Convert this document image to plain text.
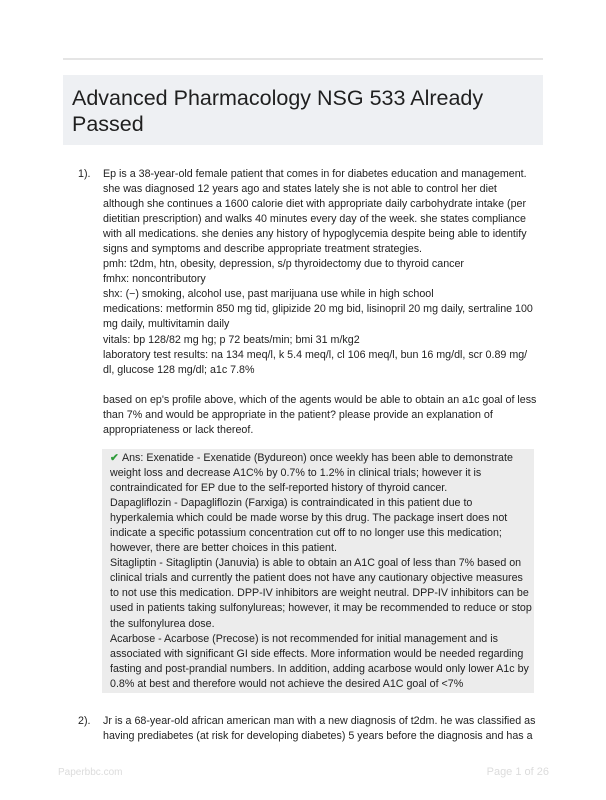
Advanced Pharmacology NSG 533 Already
Passed
1). Ep is a 38-year-old female patient that comes in for diabetes education and management.
she was diagnosed 12 years ago and states lately she is not able to control her diet
although she continues a 1600 calorie diet with appropriate daily carbohydrate intake (per
dietitian prescription) and walks 40 minutes every day of the week. she states compliance
with all medications. she denies any history of hypoglycemia despite being able to identify
signs and symptoms and describe appropriate treatment strategies.
pmh: t2dm, htn, obesity, depression, s/p thyroidectomy due to thyroid cancer
fmhx: noncontributory
shx: (−) smoking, alcohol use, past marijuana use while in high school
medications: metformin 850 mg tid, glipizide 20 mg bid, lisinopril 20 mg daily, sertraline 100
mg daily, multivitamin daily
vitals: bp 128/82 mg hg; p 72 beats/min; bmi 31 m/kg2
laboratory test results: na 134 meq/l, k 5.4 meq/l, cl 106 meq/l, bun 16 mg/dl, scr 0.89 mg/
dl, glucose 128 mg/dl; a1c 7.8%

based on ep's profile above, which of the agents would be able to obtain an a1c goal of less
than 7% and would be appropriate in the patient? please provide an explanation of
appropriateness or lack thereof.
✔ Ans: Exenatide - Exenatide (Bydureon) once weekly has been able to demonstrate
weight loss and decrease A1C% by 0.7% to 1.2% in clinical trials; however it is
contraindicated for EP due to the self-reported history of thyroid cancer.
Dapagliflozin - Dapagliflozin (Farxiga) is contraindicated in this patient due to
hyperkalemia which could be made worse by this drug. The package insert does not
indicate a specific potassium concentration cut off to no longer use this medication;
however, there are better choices in this patient.
Sitagliptin - Sitagliptin (Januvia) is able to obtain an A1C goal of less than 7% based on
clinical trials and currently the patient does not have any cautionary objective measures
to not use this medication. DPP-IV inhibitors are weight neutral. DPP-IV inhibitors can be
used in patients taking sulfonylureas; however, it may be recommended to reduce or stop
the sulfonylurea dose.
Acarbose - Acarbose (Precose) is not recommended for initial management and is
associated with significant GI side effects. More information would be needed regarding
fasting and post-prandial numbers. In addition, adding acarbose would only lower A1c by
0.8% at best and therefore would not achieve the desired A1C goal of <7%
2). Jr is a 68-year-old african american man with a new diagnosis of t2dm. he was classified as
having prediabetes (at risk for developing diabetes) 5 years before the diagnosis and has a
Paperbbc.com	Page 1 of 26
